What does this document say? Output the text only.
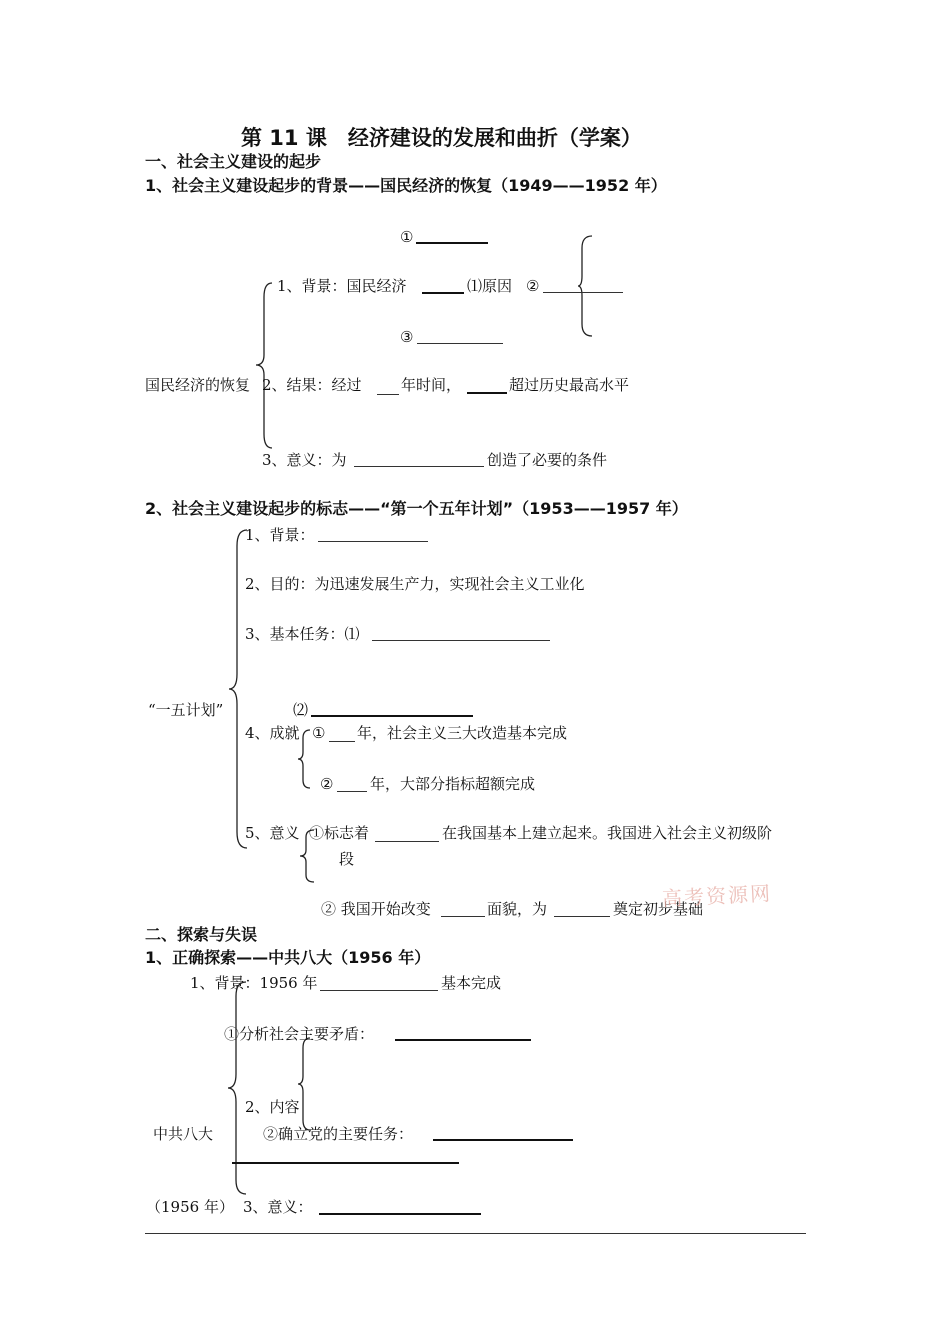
第 11 课　经济建设的发展和曲折（学案）
一、社会主义建设的起步
1、社会主义建设起步的背景——国民经济的恢复（1949——1952 年）
①
1、背景：国民经济	⑴原因 ②
③
国民经济的恢复 2、结果：经过	年时间，	超过历史最高水平
3、意义：为	创造了必要的条件
2、社会主义建设起步的标志——“第一个五年计划”（1953——1957 年）
1、背景：
2、目的：为迅速发展生产力，实现社会主义工业化
3、基本任务：⑴
“一五计划”	⑵
4、成就 ① 年，社会主义三大改造基本完成
② 年，大部分指标超额完成
5、意义 ①标志着	在我国基本上建立起来。我国进入社会主义初级阶
段
② 我国开始改变	面貌，为	奠定初步基础
高考资源网
二、探索与失误
1、正确探索——中共八大（1956 年）
1、背景：1956 年	基本完成
①分析社会主要矛盾：
2、内容
中共八大	②确立党的主要任务：
（1956 年） 3、意义：
